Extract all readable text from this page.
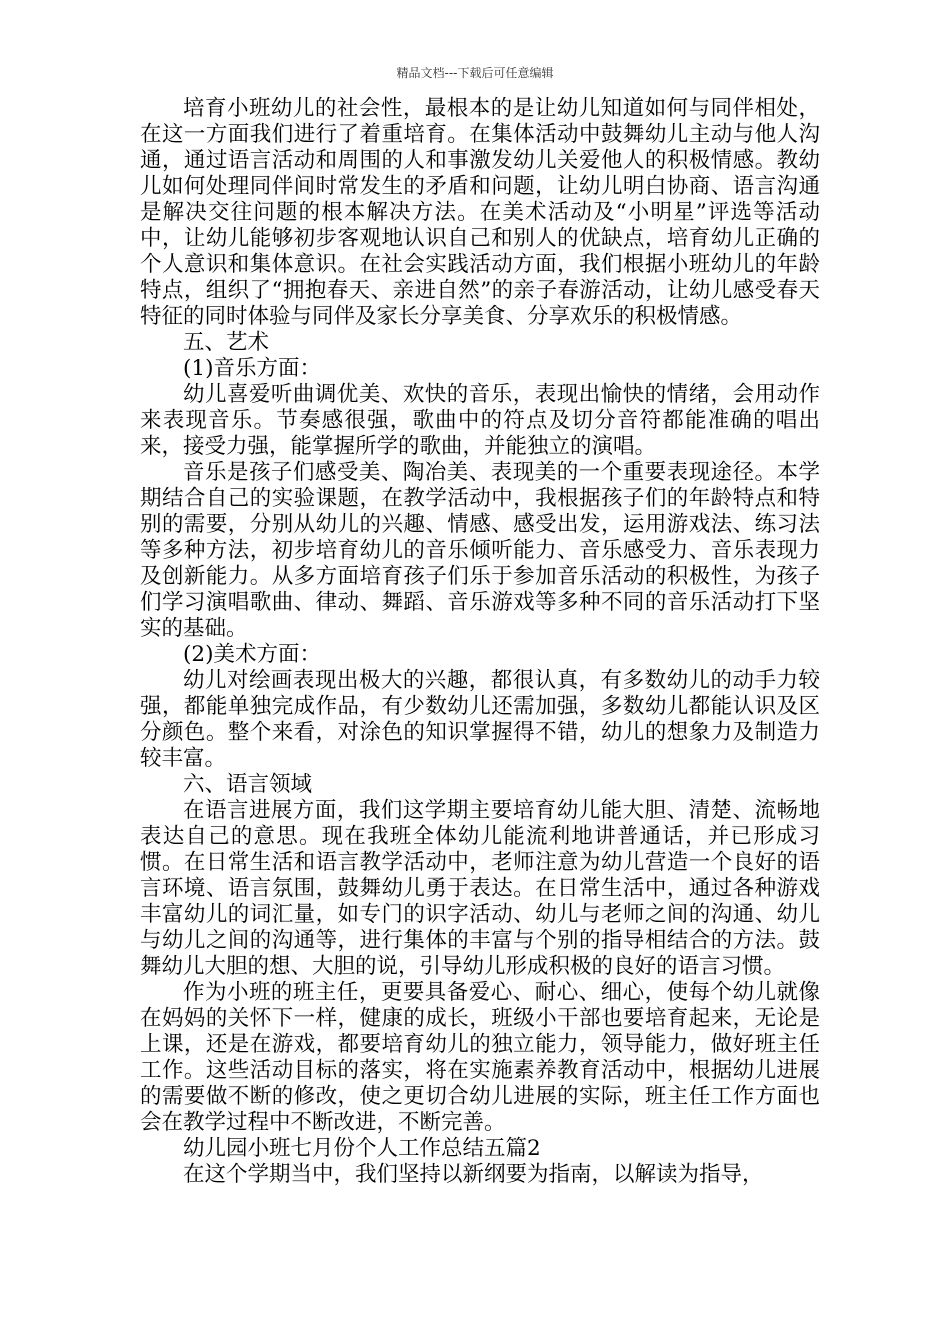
精品文档---下载后可任意编辑

培育小班幼儿的社会性，最根本的是让幼儿知道如何与同伴相处，在这一方面我们进行了着重培育。在集体活动中鼓舞幼儿主动与他人沟通，通过语言活动和周围的人和事激发幼儿关爱他人的积极情感。教幼儿如何处理同伴间时常发生的矛盾和问题，让幼儿明白协商、语言沟通是解决交往问题的根本解决方法。在美术活动及“小明星”评选等活动中，让幼儿能够初步客观地认识自己和别人的优缺点，培育幼儿正确的个人意识和集体意识。在社会实践活动方面，我们根据小班幼儿的年龄特点，组织了“拥抱春天、亲进自然”的亲子春游活动，让幼儿感受春天特征的同时体验与同伴及家长分享美食、分享欢乐的积极情感。

五、艺术

(1)音乐方面：

幼儿喜爱听曲调优美、欢快的音乐，表现出愉快的情绪，会用动作来表现音乐。节奏感很强，歌曲中的符点及切分音符都能准确的唱出来，接受力强，能掌握所学的歌曲，并能独立的演唱。

音乐是孩子们感受美、陶冶美、表现美的一个重要表现途径。本学期结合自己的实验课题，在教学活动中，我根据孩子们的年龄特点和特别的需要，分别从幼儿的兴趣、情感、感受出发，运用游戏法、练习法等多种方法，初步培育幼儿的音乐倾听能力、音乐感受力、音乐表现力及创新能力。从多方面培育孩子们乐于参加音乐活动的积极性，为孩子们学习演唱歌曲、律动、舞蹈、音乐游戏等多种不同的音乐活动打下坚实的基础。

(2)美术方面：

幼儿对绘画表现出极大的兴趣，都很认真，有多数幼儿的动手力较强，都能单独完成作品，有少数幼儿还需加强，多数幼儿都能认识及区分颜色。整个来看，对涂色的知识掌握得不错，幼儿的想象力及制造力较丰富。

六、语言领域

在语言进展方面，我们这学期主要培育幼儿能大胆、清楚、流畅地表达自己的意思。现在我班全体幼儿能流利地讲普通话，并已形成习惯。在日常生活和语言教学活动中，老师注意为幼儿营造一个良好的语言环境、语言氛围，鼓舞幼儿勇于表达。在日常生活中，通过各种游戏丰富幼儿的词汇量，如专门的识字活动、幼儿与老师之间的沟通、幼儿与幼儿之间的沟通等，进行集体的丰富与个别的指导相结合的方法。鼓舞幼儿大胆的想、大胆的说，引导幼儿形成积极的良好的语言习惯。

作为小班的班主任，更要具备爱心、耐心、细心，使每个幼儿就像在妈妈的关怀下一样，健康的成长，班级小干部也要培育起来，无论是上课，还是在游戏，都要培育幼儿的独立能力，领导能力，做好班主任工作。这些活动目标的落实，将在实施素养教育活动中，根据幼儿进展的需要做不断的修改，使之更切合幼儿进展的实际，班主任工作方面也会在教学过程中不断改进，不断完善。

幼儿园小班七月份个人工作总结五篇2

在这个学期当中，我们坚持以新纲要为指南，以解读为指导，
